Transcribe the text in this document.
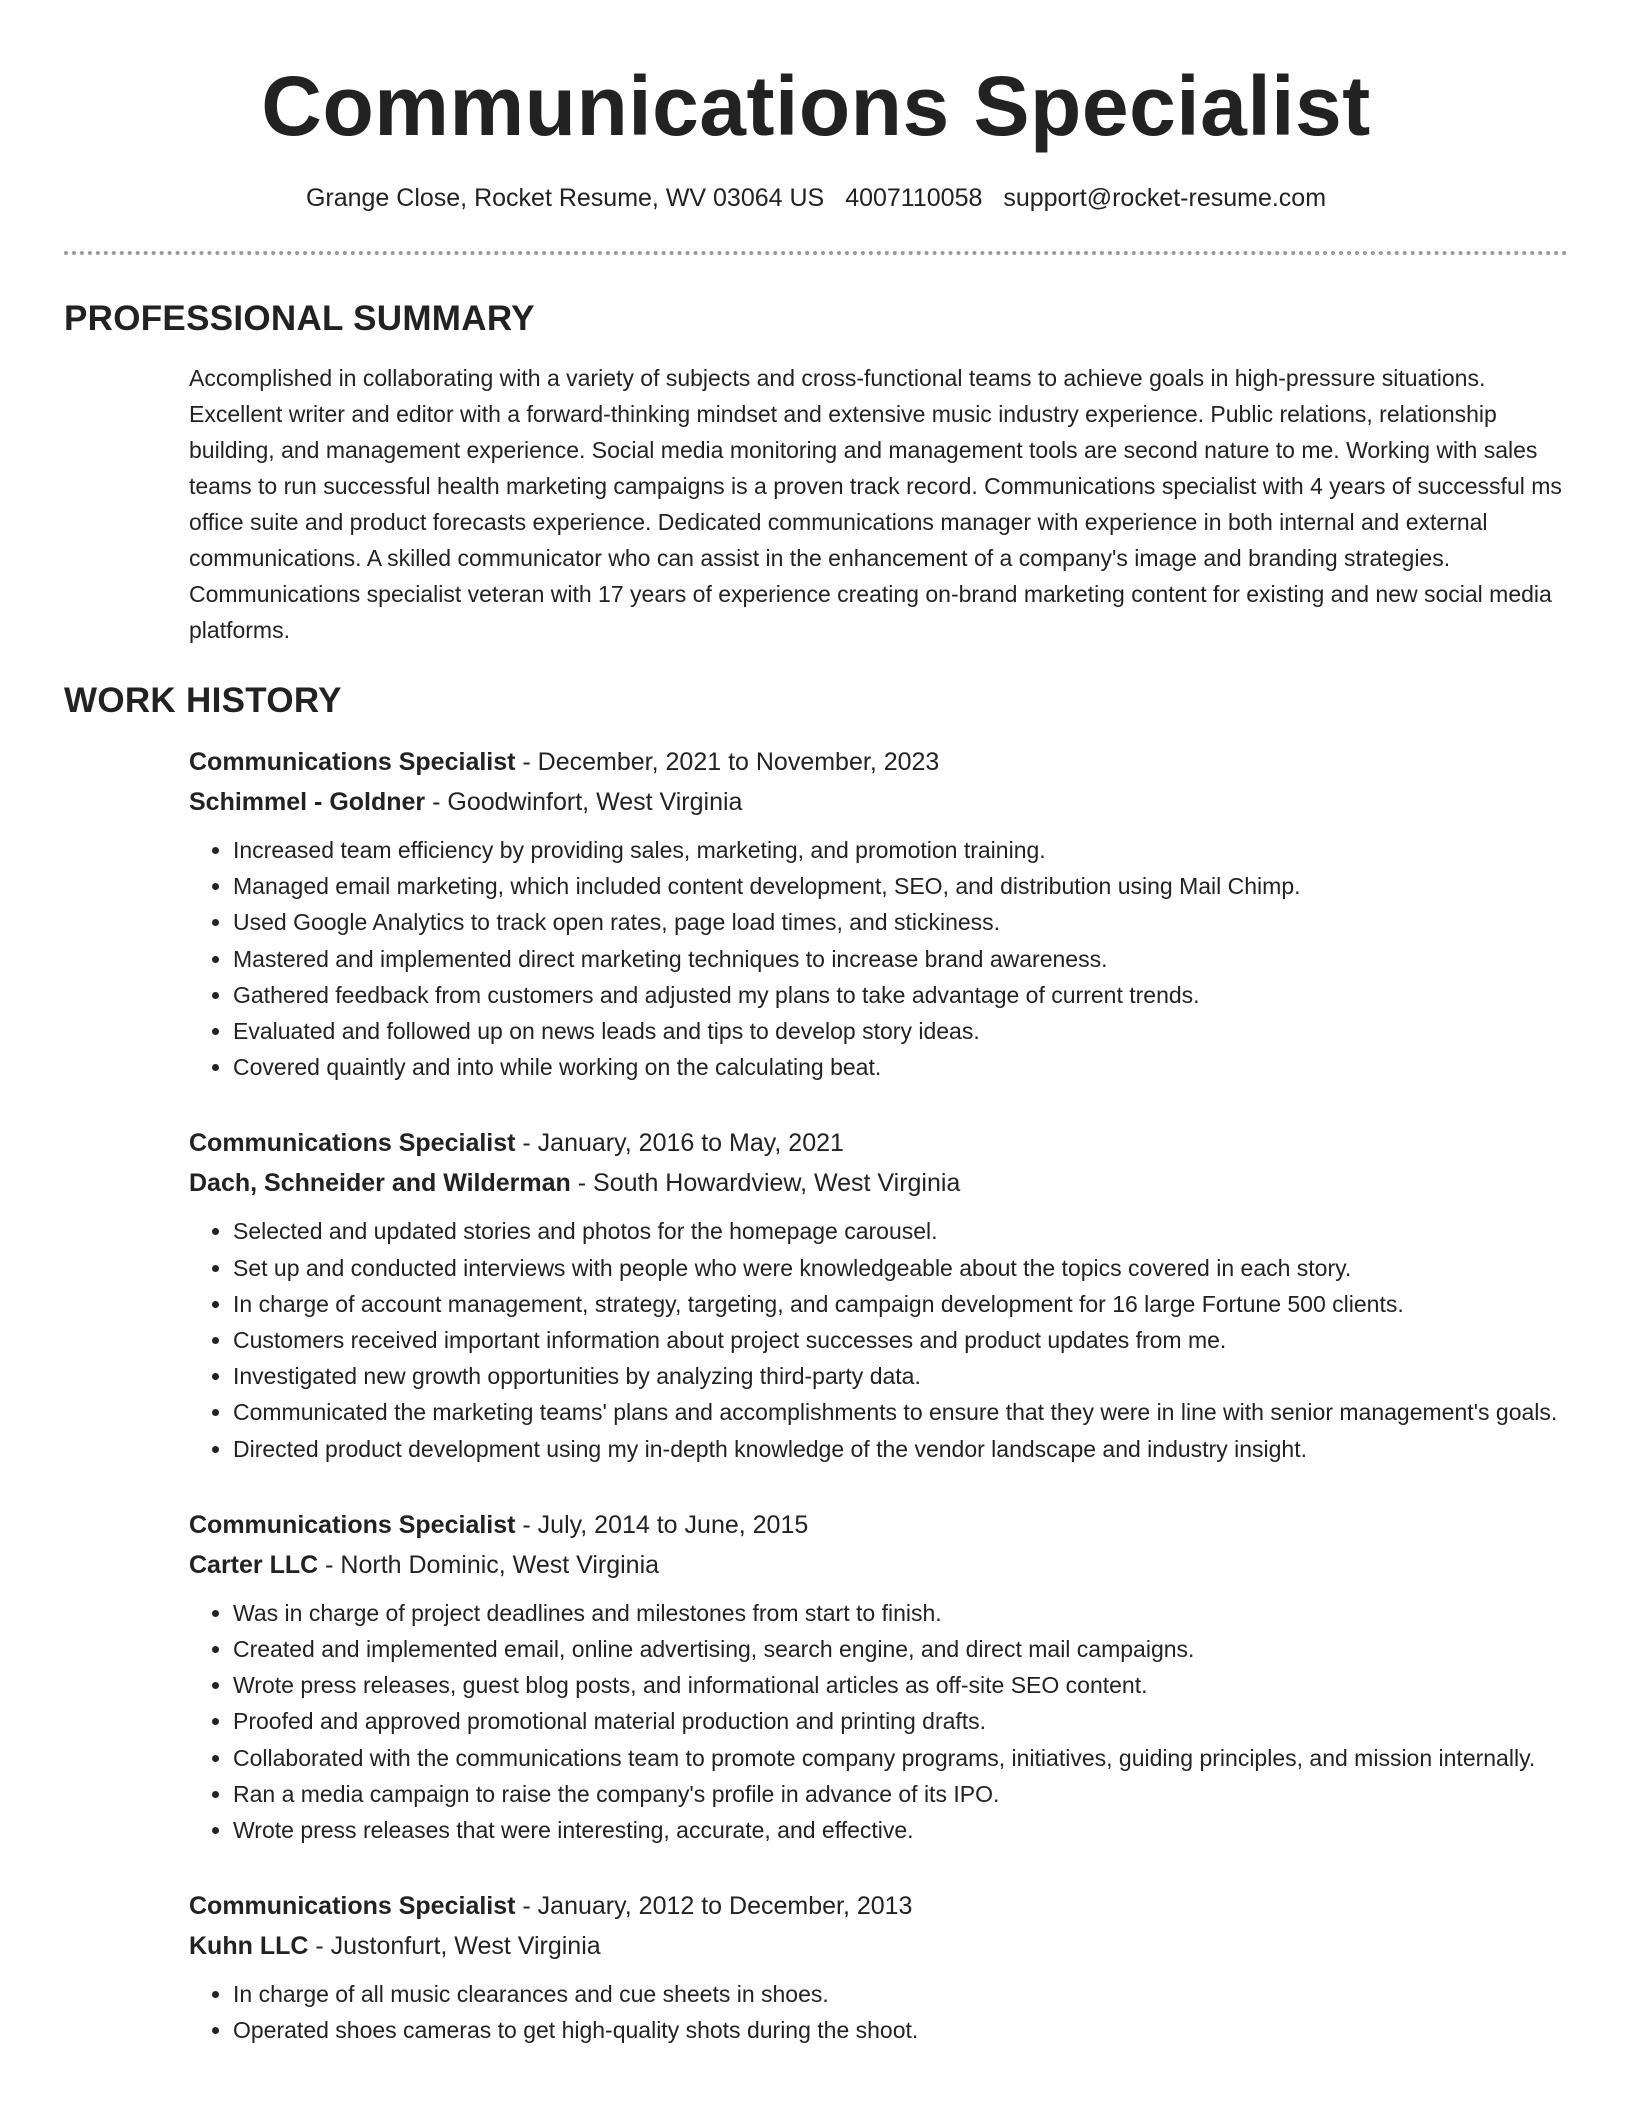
Communications Specialist
Grange Close, Rocket Resume, WV 03064 US 4007110058 support@rocket-resume.com
PROFESSIONAL SUMMARY

Accomplished in collaborating with a variety of subjects and cross-functional teams to achieve goals in high-pressure situations. Excellent writer and editor with a forward-thinking mindset and extensive music industry experience. Public relations, relationship building, and management experience. Social media monitoring and management tools are second nature to me. Working with sales teams to run successful health marketing campaigns is a proven track record. Communications specialist with 4 years of successful ms office suite and product forecasts experience. Dedicated communications manager with experience in both internal and external communications. A skilled communicator who can assist in the enhancement of a company's image and branding strategies. Communications specialist veteran with 17 years of experience creating on-brand marketing content for existing and new social media platforms.

WORK HISTORY
Communications Specialist - December, 2021 to November, 2023
Schimmel - Goldner - Goodwinfort, West Virginia
• Increased team efficiency by providing sales, marketing, and promotion training.
• Managed email marketing, which included content development, SEO, and distribution using Mail Chimp.
• Used Google Analytics to track open rates, page load times, and stickiness.
• Mastered and implemented direct marketing techniques to increase brand awareness.
• Gathered feedback from customers and adjusted my plans to take advantage of current trends.
• Evaluated and followed up on news leads and tips to develop story ideas.
• Covered quaintly and into while working on the calculating beat.
Communications Specialist - January, 2016 to May, 2021
Dach, Schneider and Wilderman - South Howardview, West Virginia
• Selected and updated stories and photos for the homepage carousel.
• Set up and conducted interviews with people who were knowledgeable about the topics covered in each story.
• In charge of account management, strategy, targeting, and campaign development for 16 large Fortune 500 clients.
• Customers received important information about project successes and product updates from me.
• Investigated new growth opportunities by analyzing third-party data.
• Communicated the marketing teams' plans and accomplishments to ensure that they were in line with senior management's goals.
• Directed product development using my in-depth knowledge of the vendor landscape and industry insight.
Communications Specialist - July, 2014 to June, 2015
Carter LLC - North Dominic, West Virginia
• Was in charge of project deadlines and milestones from start to finish.
• Created and implemented email, online advertising, search engine, and direct mail campaigns.
• Wrote press releases, guest blog posts, and informational articles as off-site SEO content.
• Proofed and approved promotional material production and printing drafts.
• Collaborated with the communications team to promote company programs, initiatives, guiding principles, and mission internally.
• Ran a media campaign to raise the company's profile in advance of its IPO.
• Wrote press releases that were interesting, accurate, and effective.
Communications Specialist - January, 2012 to December, 2013
Kuhn LLC - Justonfurt, West Virginia
• In charge of all music clearances and cue sheets in shoes.
• Operated shoes cameras to get high-quality shots during the shoot.
